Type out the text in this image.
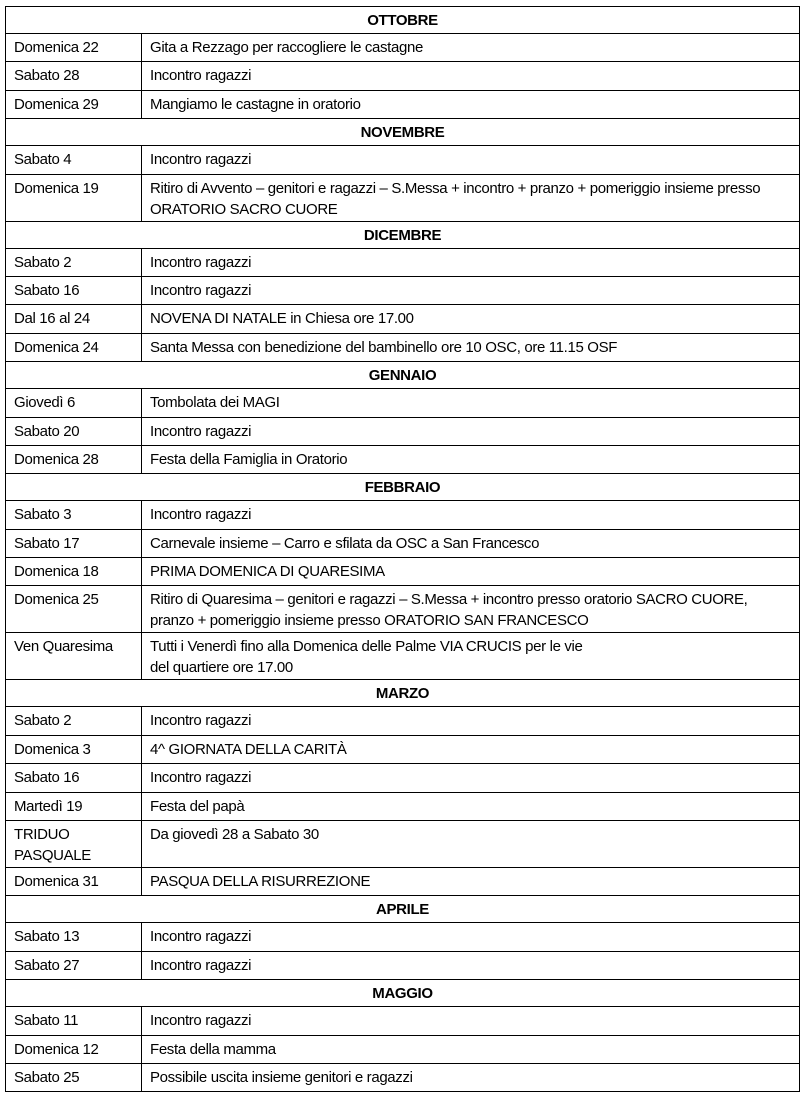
OTTOBRE	
Domenica 22	Gita a Rezzago per raccogliere le castagne
Sabato 28	Incontro ragazzi
Domenica 29	Mangiamo le castagne in oratorio
NOVEMBRE	
Sabato 4	Incontro ragazzi
Domenica 19	Ritiro di Avvento – genitori e ragazzi – S.Messa + incontro + pranzo + pomeriggio insieme presso ORATORIO SACRO CUORE
DICEMBRE	
Sabato 2	Incontro ragazzi
Sabato 16	Incontro ragazzi
Dal 16 al 24	NOVENA DI NATALE in Chiesa ore 17.00
Domenica 24	Santa Messa con benedizione del bambinello ore 10 OSC, ore 11.15 OSF
GENNAIO	
Giovedì 6	Tombolata dei MAGI
Sabato 20	Incontro ragazzi
Domenica 28	Festa della Famiglia in Oratorio
FEBBRAIO	
Sabato 3	Incontro ragazzi
Sabato 17	Carnevale insieme – Carro e sfilata da OSC a San Francesco
Domenica 18	PRIMA DOMENICA DI QUARESIMA
Domenica 25	Ritiro di Quaresima – genitori e ragazzi – S.Messa + incontro presso oratorio SACRO CUORE, pranzo + pomeriggio insieme presso ORATORIO SAN FRANCESCO
Ven Quaresima	Tutti i Venerdì fino alla Domenica delle Palme VIA CRUCIS per le vie
del quartiere ore 17.00
MARZO	
Sabato 2	Incontro ragazzi
Domenica 3	4^ GIORNATA DELLA CARITÀ
Sabato 16	Incontro ragazzi
Martedì 19	Festa del papà
TRIDUO PASQUALE	Da giovedì 28 a Sabato 30
Domenica 31	PASQUA DELLA RISURREZIONE
APRILE	
Sabato 13	Incontro ragazzi
Sabato 27	Incontro ragazzi
MAGGIO	
Sabato 11	Incontro ragazzi
Domenica 12	Festa della mamma
Sabato 25	Possibile uscita insieme genitori e ragazzi
